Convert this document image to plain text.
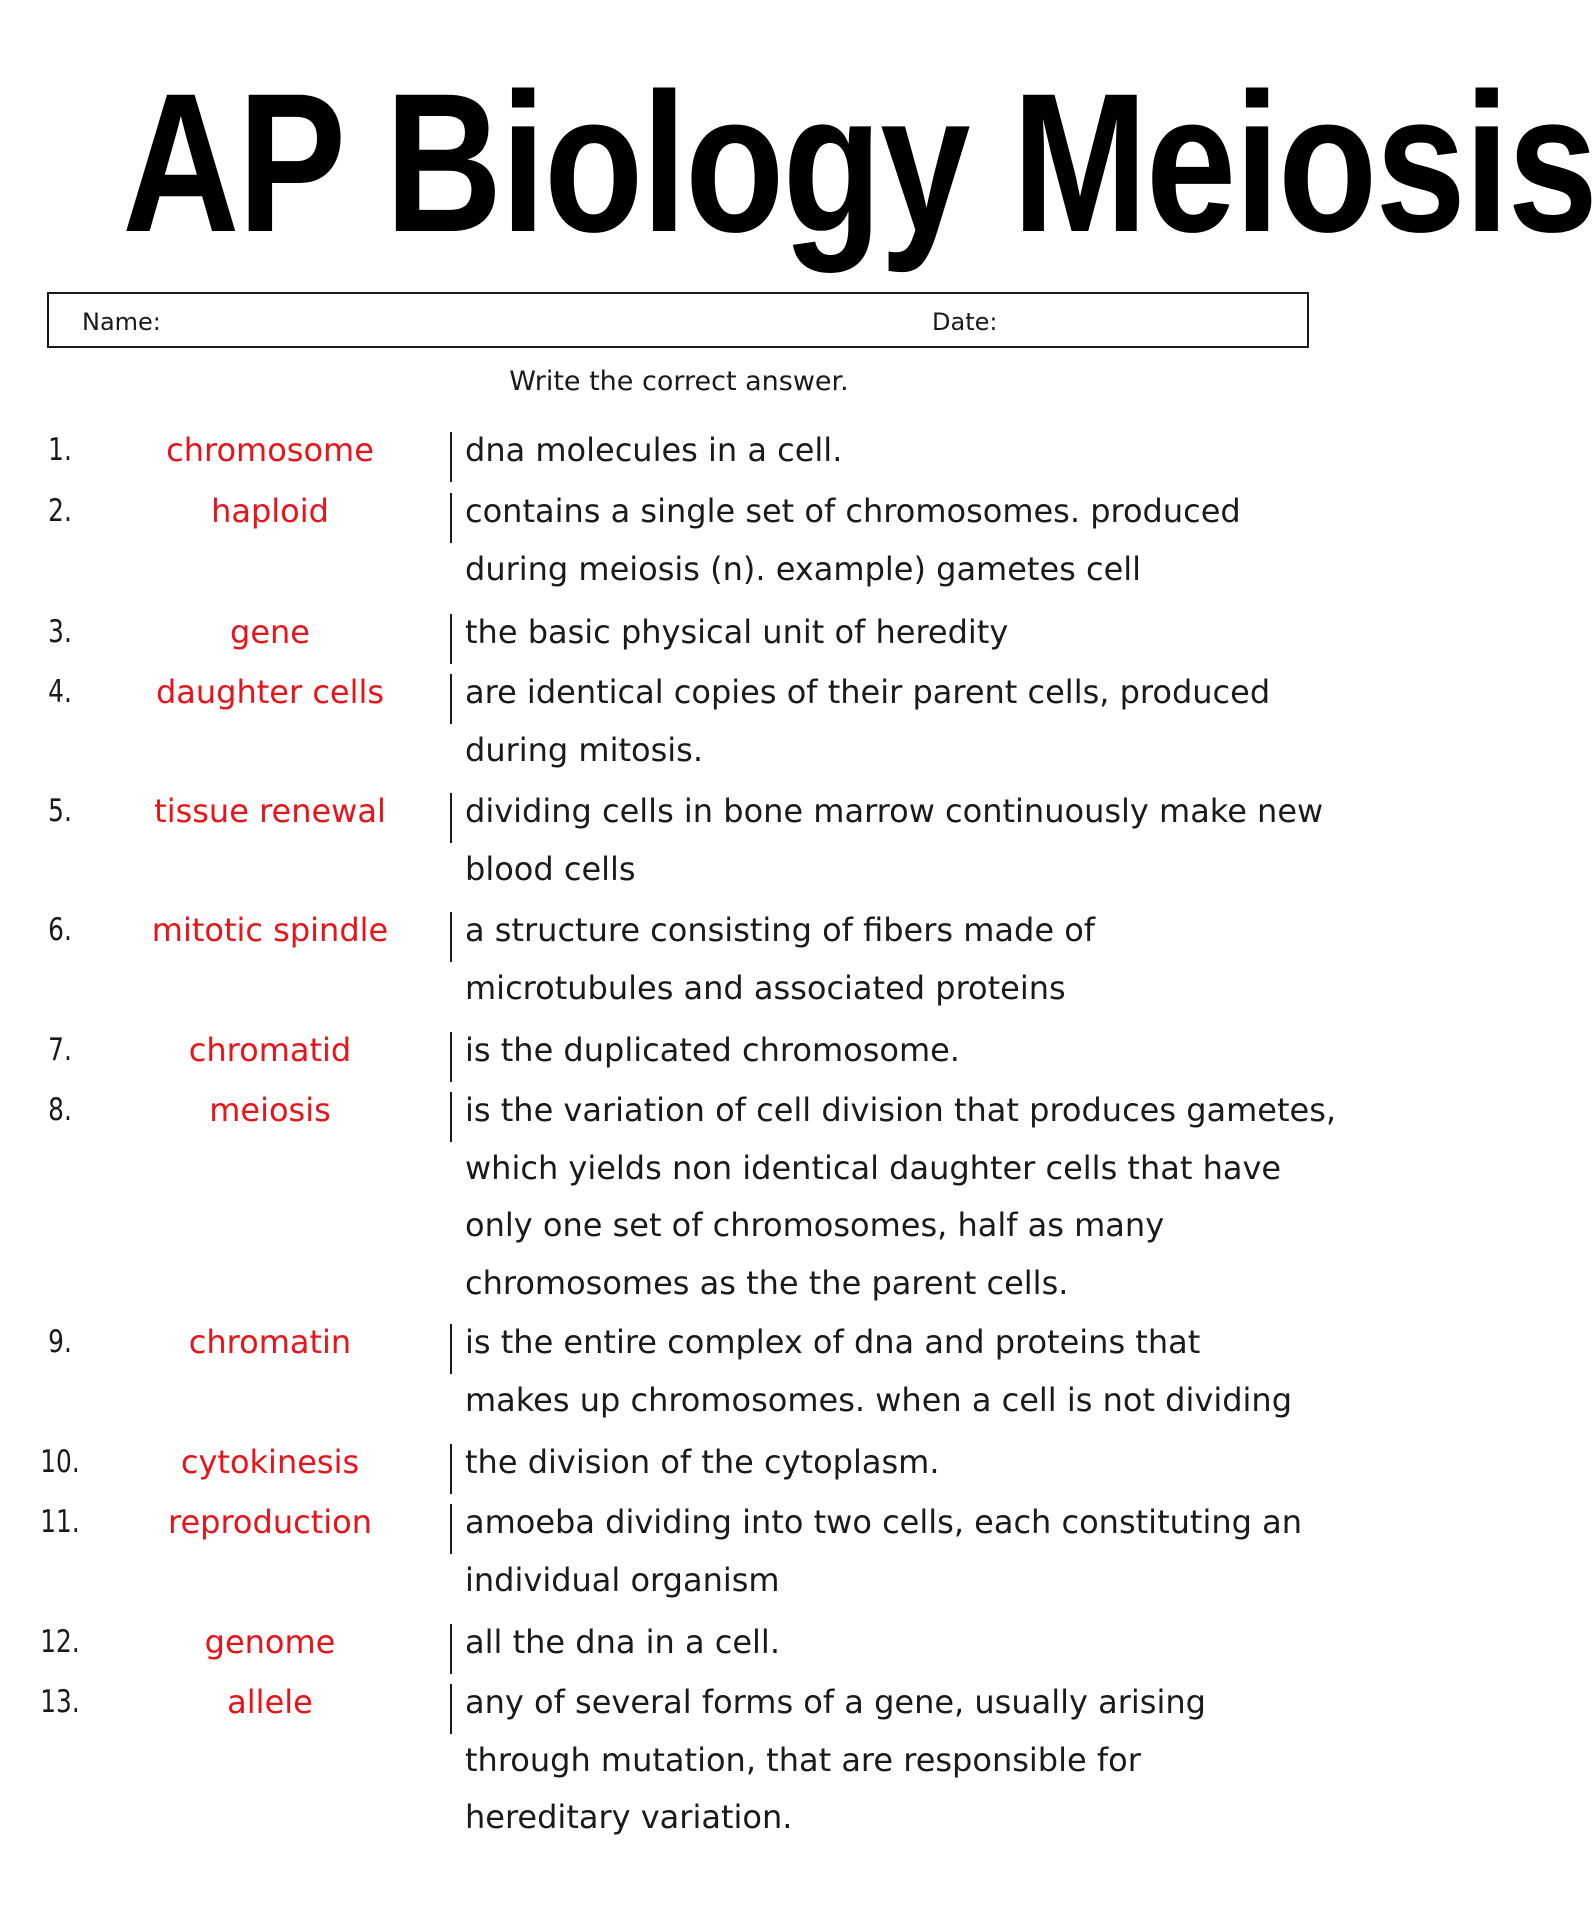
AP Biology Meiosis
Name:	Date:
Write the correct answer.
1.	chromosome	dna molecules in a cell.
2.	haploid	contains a single set of chromosomes. produced
during meiosis (n). example) gametes cell
3.	gene	the basic physical unit of heredity
4.	daughter cells	are identical copies of their parent cells, produced
during mitosis.
5.	tissue renewal	dividing cells in bone marrow continuously make new
blood cells
6.	mitotic spindle	a structure consisting of fibers made of
microtubules and associated proteins
7.	chromatid	is the duplicated chromosome.
8.	meiosis	is the variation of cell division that produces gametes,
which yields non identical daughter cells that have
only one set of chromosomes, half as many
chromosomes as the the parent cells.
9.	chromatin	is the entire complex of dna and proteins that
makes up chromosomes. when a cell is not dividing
10.	cytokinesis	the division of the cytoplasm.
11.	reproduction	amoeba dividing into two cells, each constituting an
individual organism
12.	genome	all the dna in a cell.
13.	allele	any of several forms of a gene, usually arising
through mutation, that are responsible for
hereditary variation.
